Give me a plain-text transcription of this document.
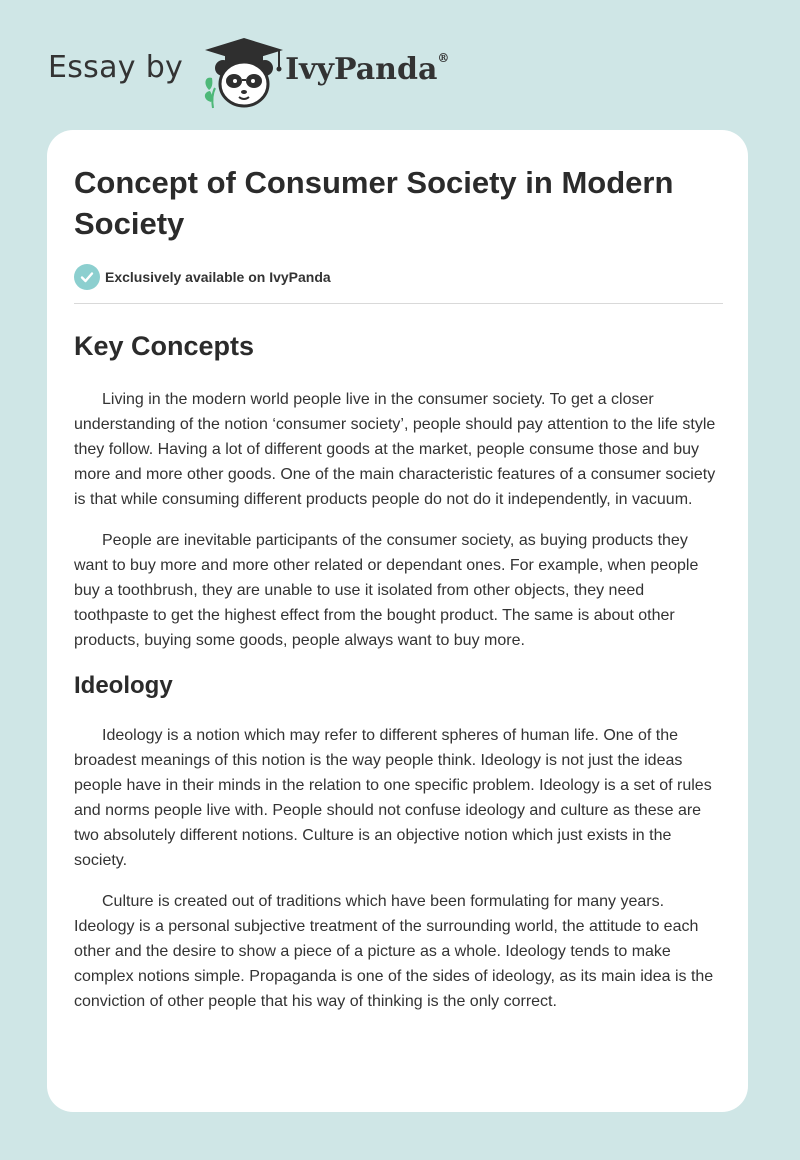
Essay by	IvyPanda®
Concept of Consumer Society in Modern Society
Exclusively available on IvyPanda
Key Concepts

Living in the modern world people live in the consumer society. To get a closer understanding of the notion ‘consumer society’, people should pay attention to the life style they follow. Having a lot of different goods at the market, people consume those and buy more and more other goods. One of the main characteristic features of a consumer society is that while consuming different products people do not do it independently, in vacuum.

People are inevitable participants of the consumer society, as buying products they want to buy more and more other related or dependant ones. For example, when people buy a toothbrush, they are unable to use it isolated from other objects, they need toothpaste to get the highest effect from the bought product. The same is about other products, buying some goods, people always want to buy more.

Ideology

Ideology is a notion which may refer to different spheres of human life. One of the broadest meanings of this notion is the way people think. Ideology is not just the ideas people have in their minds in the relation to one specific problem. Ideology is a set of rules and norms people live with. People should not confuse ideology and culture as these are two absolutely different notions. Culture is an objective notion which just exists in the society.

Culture is created out of traditions which have been formulating for many years. Ideology is a personal subjective treatment of the surrounding world, the attitude to each other and the desire to show a piece of a picture as a whole. Ideology tends to make complex notions simple. Propaganda is one of the sides of ideology, as its main idea is the conviction of other people that his way of thinking is the only correct.
